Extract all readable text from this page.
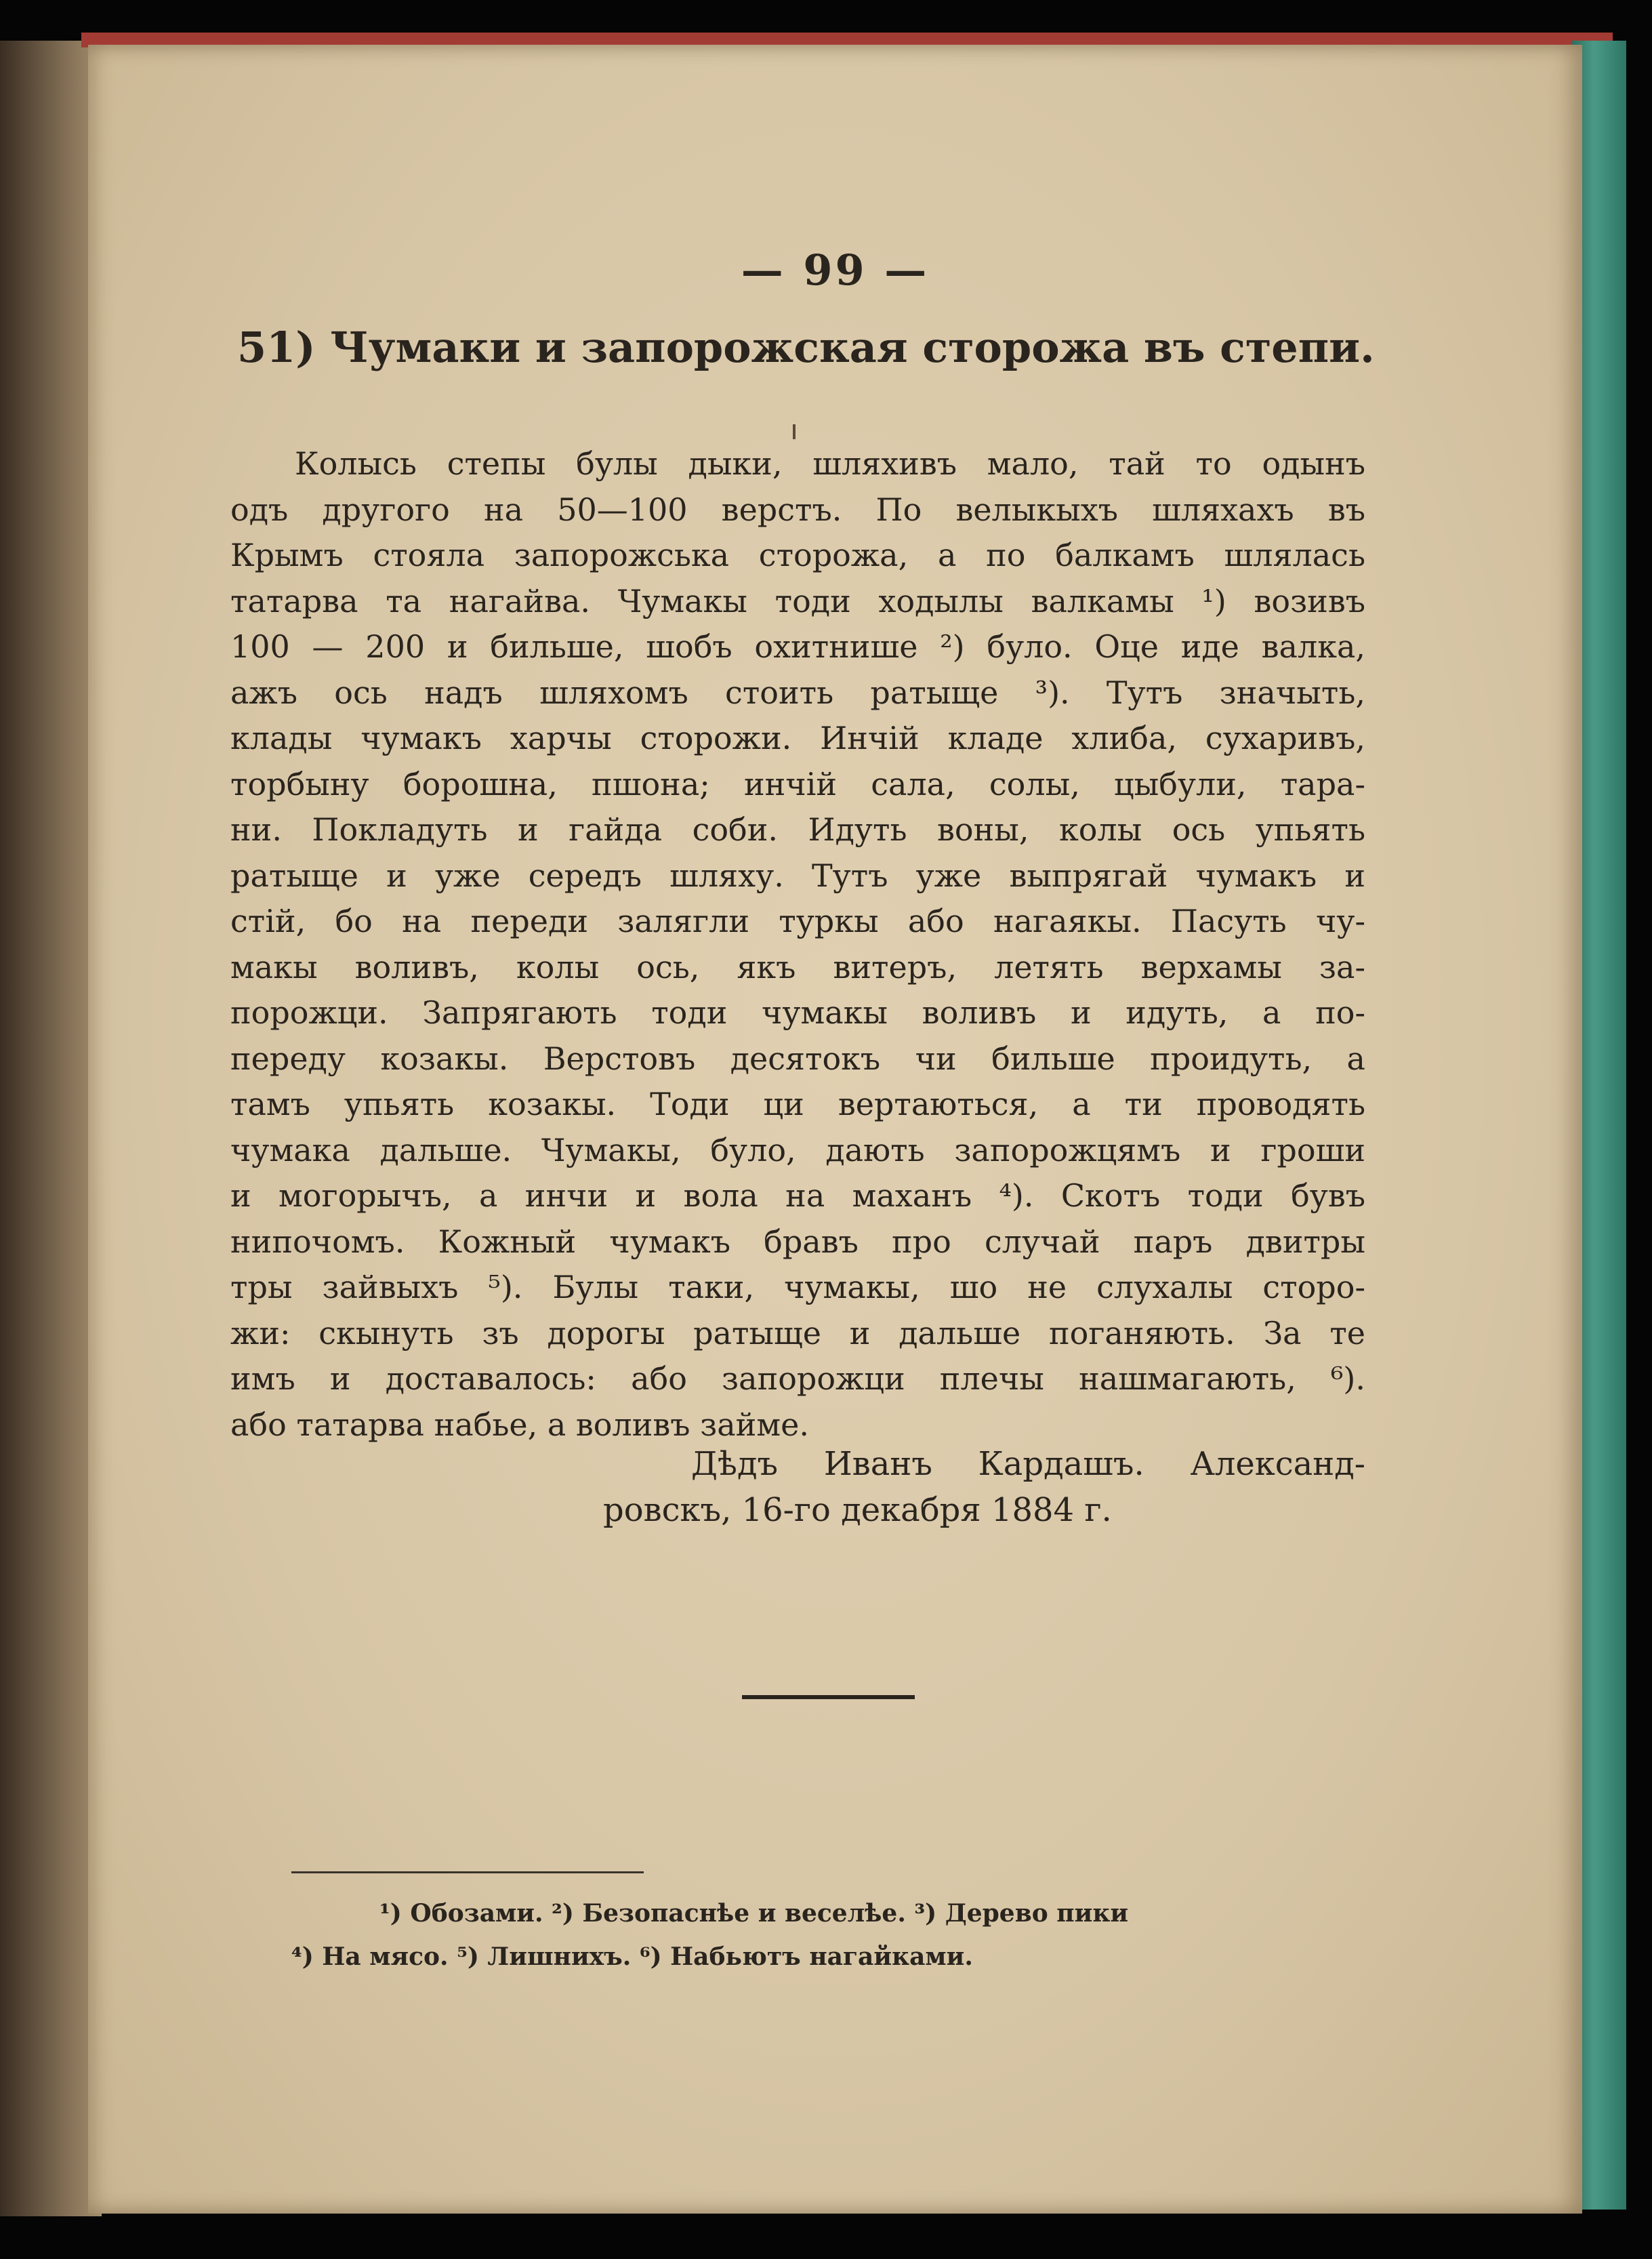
— 99 —

51) Чумаки и запорожская сторожа въ степи.
Колысь степы булы дыки, шляхивъ мало, тай то одынъ
одъ другого на 50—100 верстъ. По велыкыхъ шляхахъ въ
Крымъ стояла запорожська сторожа, а по балкамъ шлялась
татарва та нагайва. Чумакы тоди ходылы валкамы ¹) возивъ
100 — 200 и бильше, шобъ охитнише ²) було. Оце иде валка,
ажъ ось надъ шляхомъ стоить ратыще ³). Тутъ значыть,
клады чумакъ харчы сторожи. Инчій кладе хлиба, сухаривъ,
торбыну борошна, пшона; инчій сала, солы, цыбули, тара-
ни. Покладуть и гайда соби. Идуть воны, колы ось упьять
ратыще и уже середъ шляху. Тутъ уже выпрягай чумакъ и
стій, бо на переди залягли туркы або нагаякы. Пасуть чу-
макы воливъ, колы ось, якъ витеръ, летять верхамы за-
порожци. Запрягають тоди чумакы воливъ и идуть, а по-
переду козакы. Верстовъ десятокъ чи бильше проидуть, а
тамъ упьять козакы. Тоди ци вертаються, а ти проводять
чумака дальше. Чумакы, було, дають запорожцямъ и гроши
и могорычъ, а инчи и вола на маханъ ⁴). Скотъ тоди бувъ
нипочомъ. Кожный чумакъ бравъ про случай паръ двитры
тры зайвыхъ ⁵). Булы таки, чумакы, шо не слухалы сторо-
жи: скынуть зъ дорогы ратыще и дальше поганяють. За те
имъ и доставалось: або запорожци плечы нашмагають, ⁶).
або татарва набье, а воливъ займе.
Дѣдъ Иванъ Кардашъ. Александ-
ровскъ, 16-го декабря 1884 г.
¹) Обозами. ²) Безопаснѣе и веселѣе. ³) Дерево пики
⁴) На мясо. ⁵) Лишнихъ. ⁶) Набьютъ нагайками.
